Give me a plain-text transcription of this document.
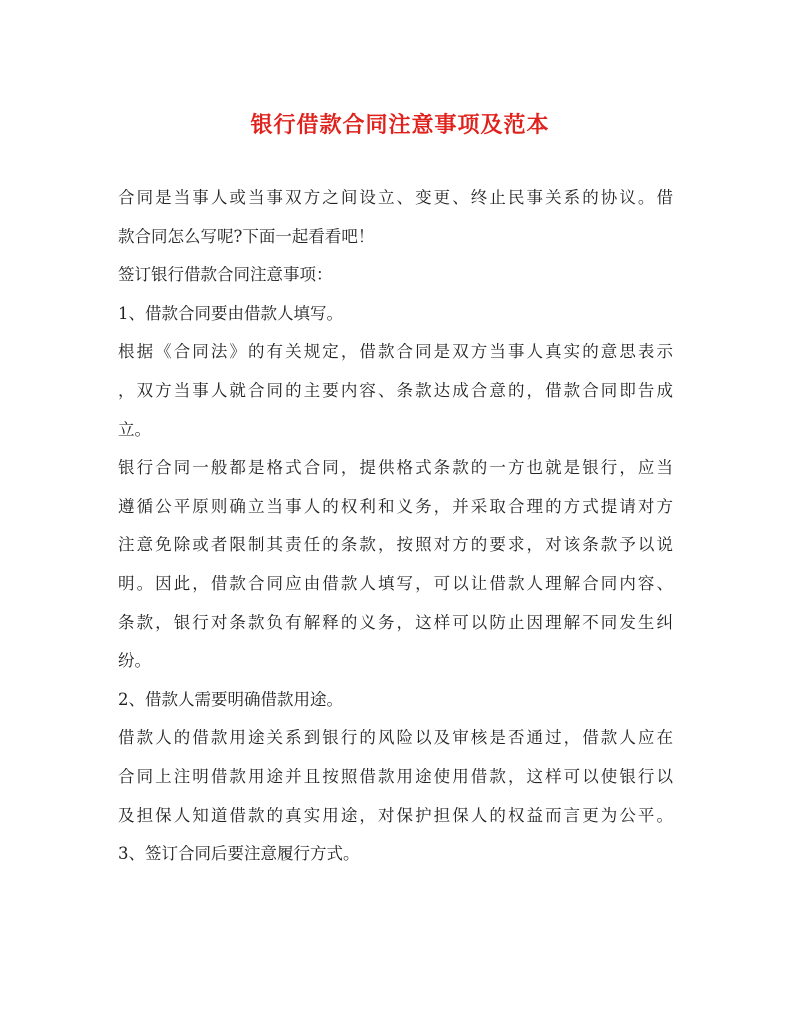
银行借款合同注意事项及范本
合同是当事人或当事双方之间设立、变更、终止民事关系的协议。借
款合同怎么写呢?下面一起看看吧！
签订银行借款合同注意事项：
1、借款合同要由借款人填写。
根据《合同法》的有关规定，借款合同是双方当事人真实的意思表示
，双方当事人就合同的主要内容、条款达成合意的，借款合同即告成
立。
银行合同一般都是格式合同，提供格式条款的一方也就是银行，应当
遵循公平原则确立当事人的权利和义务，并采取合理的方式提请对方
注意免除或者限制其责任的条款，按照对方的要求，对该条款予以说
明。因此，借款合同应由借款人填写，可以让借款人理解合同内容、
条款，银行对条款负有解释的义务，这样可以防止因理解不同发生纠
纷。
2、借款人需要明确借款用途。
借款人的借款用途关系到银行的风险以及审核是否通过，借款人应在
合同上注明借款用途并且按照借款用途使用借款，这样可以使银行以
及担保人知道借款的真实用途，对保护担保人的权益而言更为公平。
3、签订合同后要注意履行方式。
